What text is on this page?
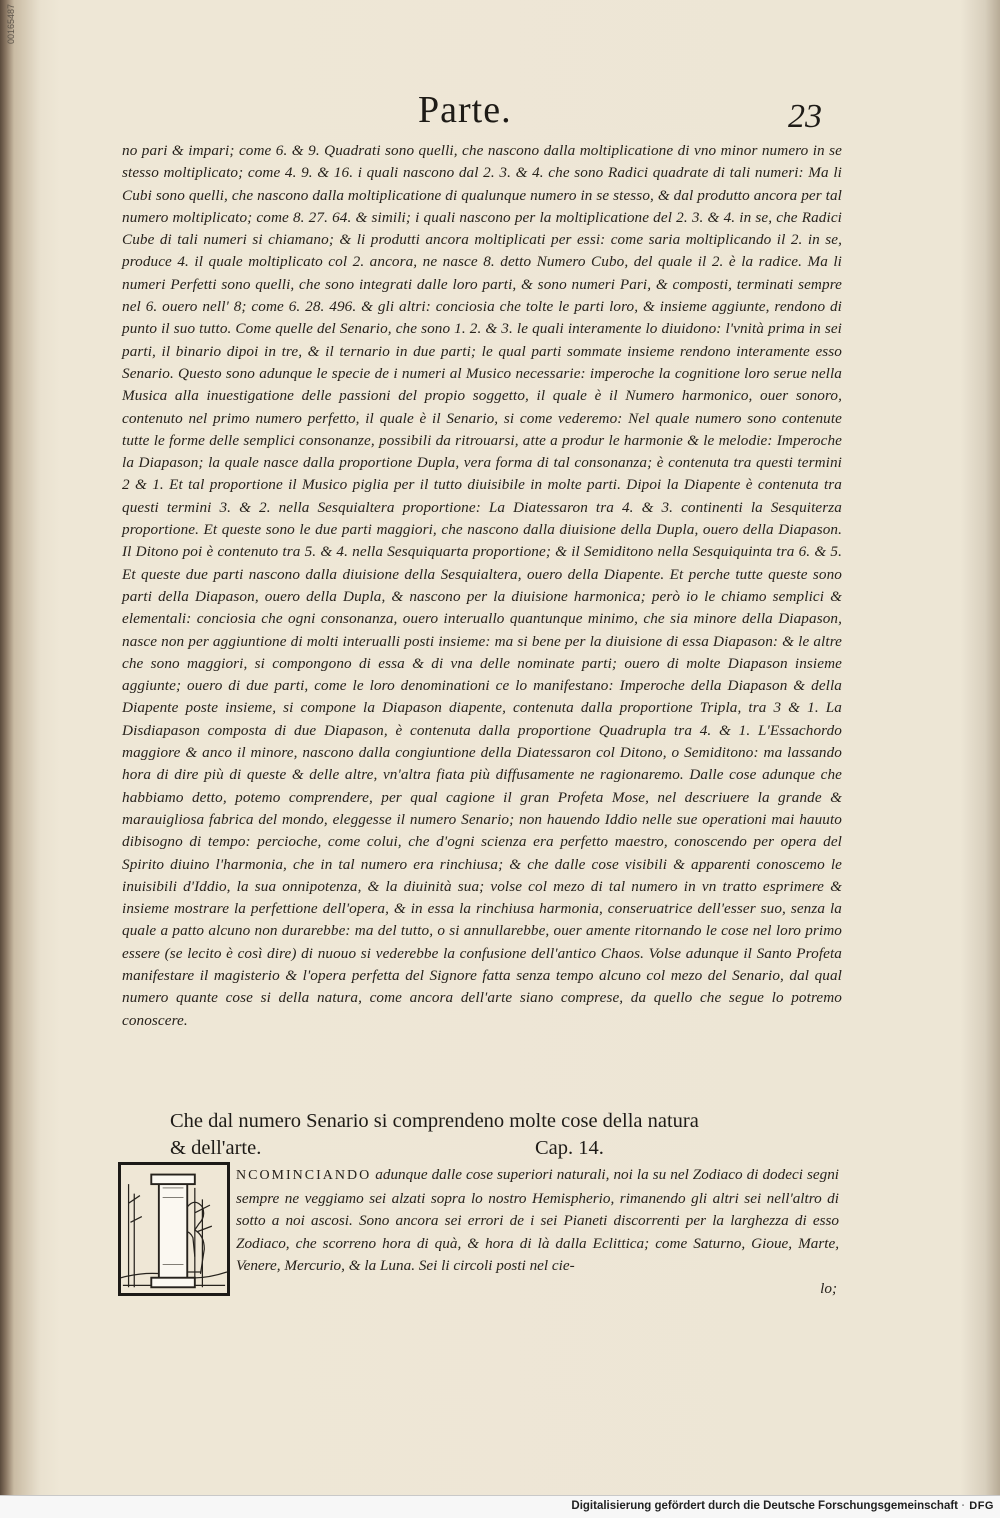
00165487
Parte.	23

no pari & impari; come 6. & 9. Quadrati sono quelli, che nascono dalla moltiplicatione di vno minor numero in se stesso moltiplicato; come 4. 9. & 16. i quali nascono dal 2. 3. & 4. che sono Radici quadrate di tali numeri: Ma li Cubi sono quelli, che nascono dalla moltiplicatione di qualunque numero in se stesso, & dal produtto ancora per tal numero moltiplicato; come 8. 27. 64. & simili; i quali nascono per la moltiplicatione del 2. 3. & 4. in se, che Radici Cube di tali numeri si chiamano; & li produtti ancora moltiplicati per essi: come saria moltiplicando il 2. in se, produce 4. il quale moltiplicato col 2. ancora, ne nasce 8. detto Numero Cubo, del quale il 2. è la radice. Ma li numeri Perfetti sono quelli, che sono integrati dalle loro parti, & sono numeri Pari, & composti, terminati sempre nel 6. ouero nell' 8; come 6. 28. 496. & gli altri: conciosia che tolte le parti loro, & insieme aggiunte, rendono di punto il suo tutto. Come quelle del Senario, che sono 1. 2. & 3. le quali interamente lo diuidono: l'vnità prima in sei parti, il binario dipoi in tre, & il ternario in due parti; le qual parti sommate insieme rendono interamente esso Senario. Questo sono adunque le specie de i numeri al Musico necessarie: imperoche la cognitione loro serue nella Musica alla inuestigatione delle passioni del propio soggetto, il quale è il Numero harmonico, ouer sonoro, contenuto nel primo numero perfetto, il quale è il Senario, si come vederemo: Nel quale numero sono contenute tutte le forme delle semplici consonanze, possibili da ritrouarsi, atte a produr le harmonie & le melodie: Imperoche la Diapason; la quale nasce dalla proportione Dupla, vera forma di tal consonanza; è contenuta tra questi termini 2 & 1. Et tal proportione il Musico piglia per il tutto diuisibile in molte parti. Dipoi la Diapente è contenuta tra questi termini 3. & 2. nella Sesquialtera proportione: La Diatessaron tra 4. & 3. continenti la Sesquiterza proportione. Et queste sono le due parti maggiori, che nascono dalla diuisione della Dupla, ouero della Diapason. Il Ditono poi è contenuto tra 5. & 4. nella Sesquiquarta proportione; & il Semiditono nella Sesquiquinta tra 6. & 5. Et queste due parti nascono dalla diuisione della Sesquialtera, ouero della Diapente. Et perche tutte queste sono parti della Diapason, ouero della Dupla, & nascono per la diuisione harmonica; però io le chiamo semplici & elementali: conciosia che ogni consonanza, ouero interuallo quantunque minimo, che sia minore della Diapason, nasce non per aggiuntione di molti interualli posti insieme: ma si bene per la diuisione di essa Diapason: & le altre che sono maggiori, si compongono di essa & di vna delle nominate parti; ouero di molte Diapason insieme aggiunte; ouero di due parti, come le loro denominationi ce lo manifestano: Imperoche della Diapason & della Diapente poste insieme, si compone la Diapason diapente, contenuta dalla proportione Tripla, tra 3 & 1. La Disdiapason composta di due Diapason, è contenuta dalla proportione Quadrupla tra 4. & 1. L'Essachordo maggiore & anco il minore, nascono dalla congiuntione della Diatessaron col Ditono, o Semiditono: ma lassando hora di dire più di queste & delle altre, vn'altra fiata più diffusamente ne ragionaremo. Dalle cose adunque che habbiamo detto, potemo comprendere, per qual cagione il gran Profeta Mose, nel descriuere la grande & marauigliosa fabrica del mondo, eleggesse il numero Senario; non hauendo Iddio nelle sue operationi mai hauuto dibisogno di tempo: percioche, come colui, che d'ogni scienza era perfetto maestro, conoscendo per opera del Spirito diuino l'harmonia, che in tal numero era rinchiusa; & che dalle cose visibili & apparenti conoscemo le inuisibili d'Iddio, la sua onnipotenza, & la diuinità sua; volse col mezo di tal numero in vn tratto esprimere & insieme mostrare la perfettione dell'opera, & in essa la rinchiusa harmonia, conseruatrice dell'esser suo, senza la quale a patto alcuno non durarebbe: ma del tutto, o si annullarebbe, ouer amente ritornando le cose nel loro primo essere (se lecito è così dire) di nuouo si vederebbe la confusione dell'antico Chaos. Volse adunque il Santo Profeta manifestare il magisterio & l'opera perfetta del Signore fatta senza tempo alcuno col mezo del Senario, dal qual numero quante cose si della natura, come ancora dell'arte siano comprese, da quello che segue lo potremo conoscere.

Che dal numero Senario si comprendeno molte cose della natura
& dell'arte.	Cap. 14.
NCOMINCIANDO adunque dalle cose superiori naturali, noi la su nel Zodiaco di dodeci segni sempre ne veggiamo sei alzati sopra lo nostro Hemispherio, rimanendo gli altri sei nell'altro di sotto a noi ascosi. Sono ancora sei errori de i sei Pianeti discorrenti per la larghezza di esso Zodiaco, che scorreno hora di quà, & hora di là dalla Eclittica; come Saturno, Gioue, Marte, Venere, Mercurio, & la Luna. Sei li circoli posti nel cie-
lo;
Digitalisierung gefördert durch die Deutsche Forschungsgemeinschaft · DFG
